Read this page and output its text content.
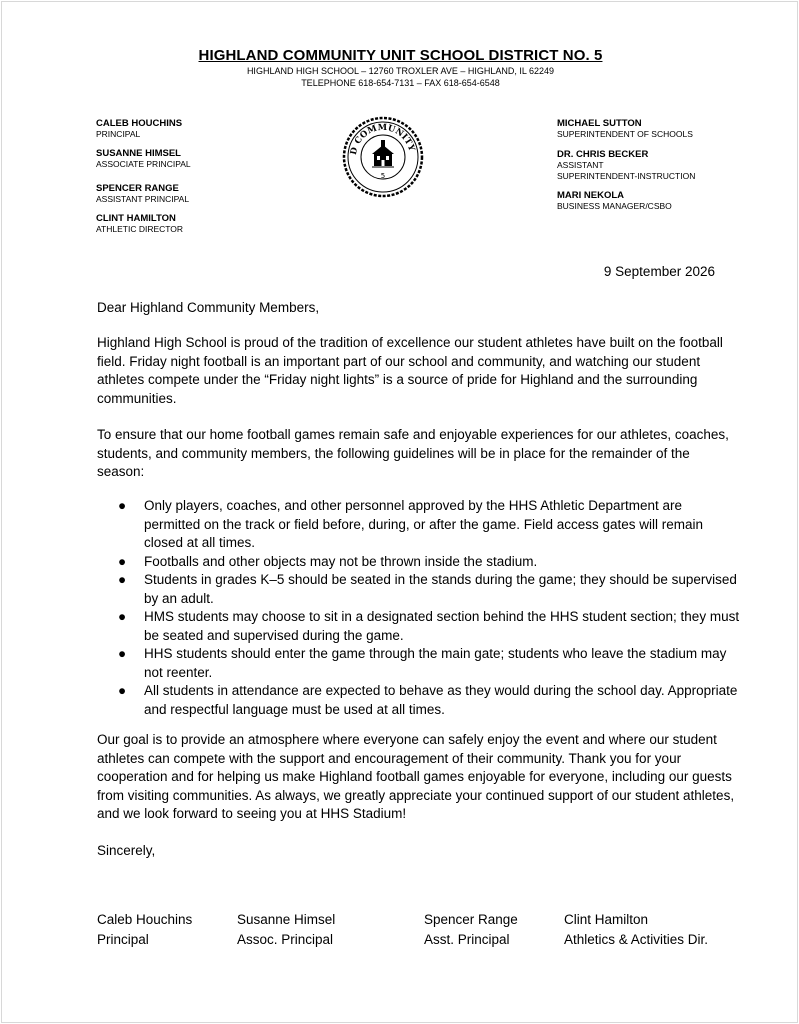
HIGHLAND COMMUNITY UNIT SCHOOL DISTRICT NO. 5
HIGHLAND HIGH SCHOOL – 12760 TROXLER AVE – HIGHLAND, IL 62249
TELEPHONE 618-654-7131 – FAX 618-654-6548
CALEB HOUCHINS
PRINCIPAL
SUSANNE HIMSEL
ASSOCIATE PRINCIPAL
SPENCER RANGE
ASSISTANT PRINCIPAL
CLINT HAMILTON
ATHLETIC DIRECTOR
D COMMUNITY
5
MICHAEL SUTTON
SUPERINTENDENT OF SCHOOLS
DR. CHRIS BECKER
ASSISTANT
SUPERINTENDENT-INSTRUCTION
MARI NEKOLA
BUSINESS MANAGER/CSBO
9 September 2026
Dear Highland Community Members,
Highland High School is proud of the tradition of excellence our student athletes have built on the football field. Friday night football is an important part of our school and community, and watching our student athletes compete under the “Friday night lights” is a source of pride for Highland and the surrounding communities.
To ensure that our home football games remain safe and enjoyable experiences for our athletes, coaches, students, and community members, the following guidelines will be in place for the remainder of the season:
● Only players, coaches, and other personnel approved by the HHS Athletic Department are permitted on the track or field before, during, or after the game. Field access gates will remain closed at all times.
● Footballs and other objects may not be thrown inside the stadium.
● Students in grades K–5 should be seated in the stands during the game; they should be supervised by an adult.
● HMS students may choose to sit in a designated section behind the HHS student section; they must be seated and supervised during the game.
● HHS students should enter the game through the main gate; students who leave the stadium may not reenter.
● All students in attendance are expected to behave as they would during the school day. Appropriate and respectful language must be used at all times.
Our goal is to provide an atmosphere where everyone can safely enjoy the event and where our student athletes can compete with the support and encouragement of their community. Thank you for your cooperation and for helping us make Highland football games enjoyable for everyone, including our guests from visiting communities. As always, we greatly appreciate your continued support of our student athletes, and we look forward to seeing you at HHS Stadium!
Sincerely,
Caleb Houchins
Principal
Susanne Himsel
Assoc. Principal
Spencer Range
Asst. Principal
Clint Hamilton
Athletics & Activities Dir.
